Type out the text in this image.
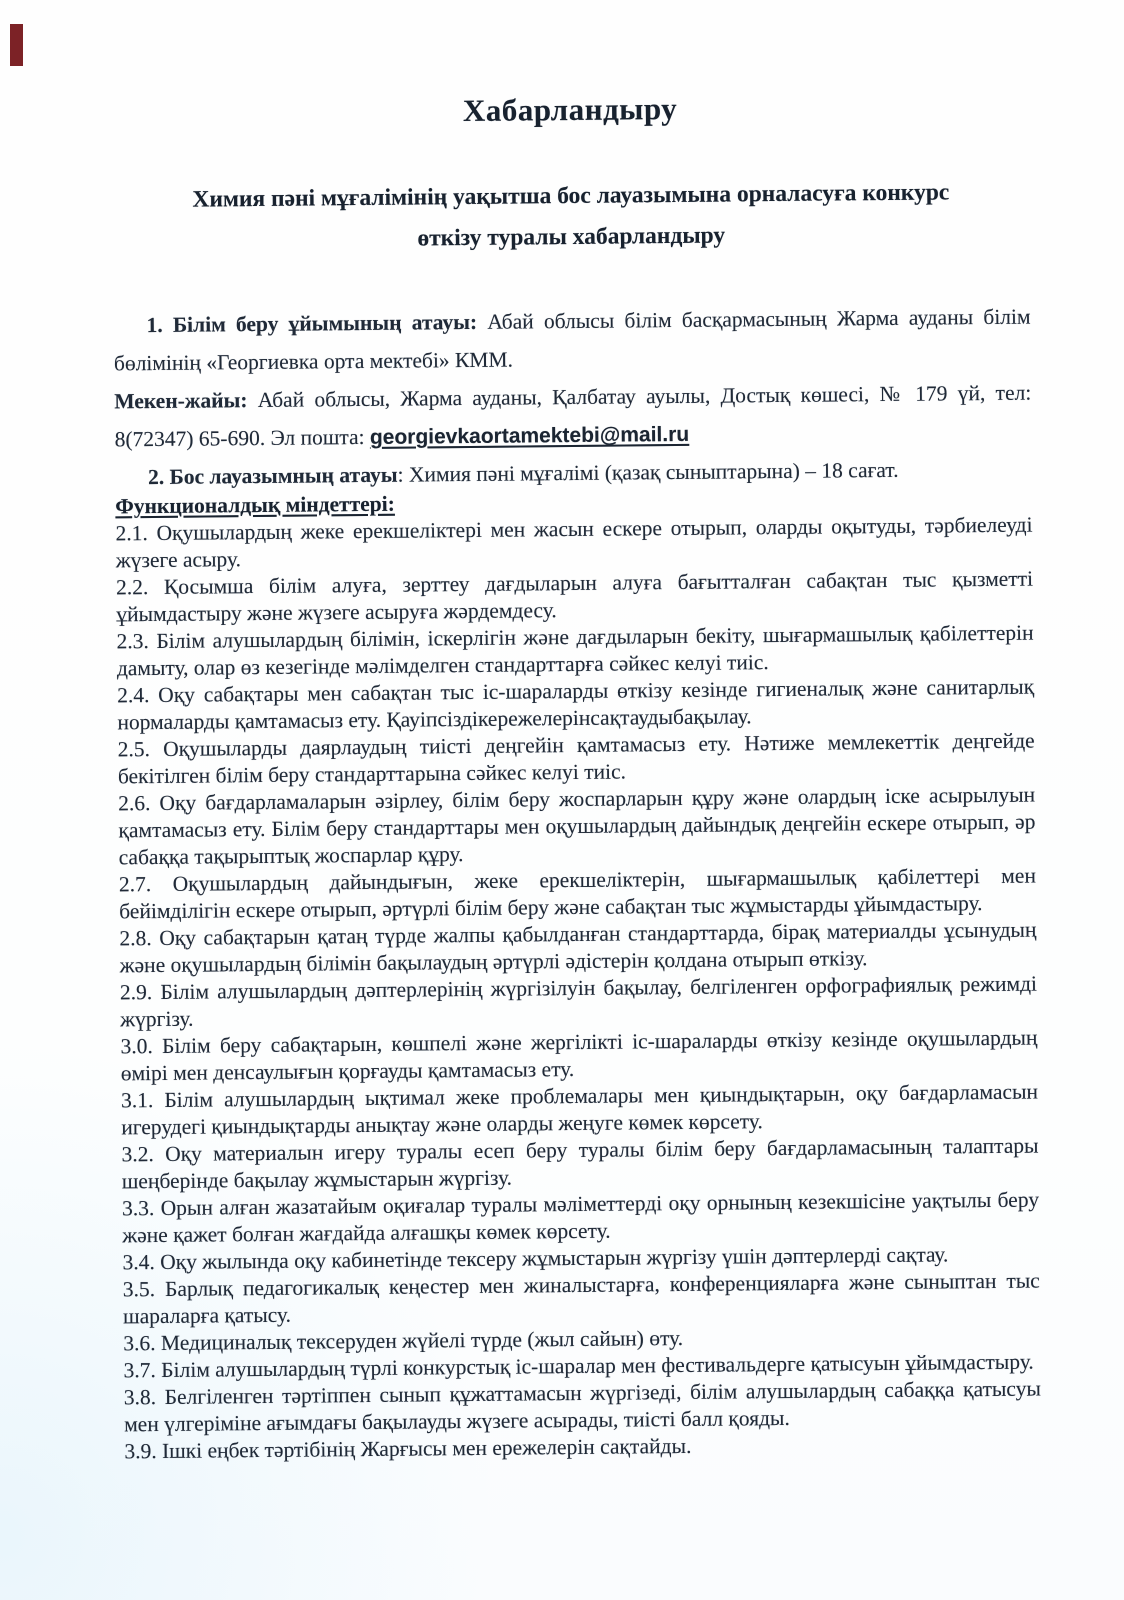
Хабарландыру
Химия пәні мұғалімінің уақытша бос лауазымына орналасуға конкурс
өткізу туралы хабарландыру

1. Білім беру ұйымының атауы: Абай облысы білім басқармасының Жарма ауданы білім бөлімінің «Георгиевка орта мектебі» КММ.

Мекен-жайы: Абай облысы, Жарма ауданы, Қалбатау ауылы, Достық көшесі, № 179 үй, тел: 8(72347) 65-690. Эл пошта: georgievkaortamektebi@mail.ru

2. Бос лауазымның атауы: Химия пәні мұғалімі (қазақ сыныптарына) – 18 сағат.

Функционалдық міндеттері:

2.1. Оқушылардың жеке ерекшеліктері мен жасын ескере отырып, оларды оқытуды, тәрбиелеуді жүзеге асыру.

2.2. Қосымша білім алуға, зерттеу дағдыларын алуға бағытталған сабақтан тыс қызметті ұйымдастыру және жүзеге асыруға жәрдемдесу.

2.3. Білім алушылардың білімін, іскерлігін және дағдыларын бекіту, шығармашылық қабілеттерін дамыту, олар өз кезегінде мәлімделген стандарттарға сәйкес келуі тиіс.

2.4. Оқу сабақтары мен сабақтан тыс іс-шараларды өткізу кезінде гигиеналық және санитарлық нормаларды қамтамасыз ету. Қауіпсіздікережелерінсақтаудыбақылау.

2.5. Оқушыларды даярлаудың тиісті деңгейін қамтамасыз ету. Нәтиже мемлекеттік деңгейде бекітілген білім беру стандарттарына сәйкес келуі тиіс.

2.6. Оқу бағдарламаларын әзірлеу, білім беру жоспарларын құру және олардың іске асырылуын қамтамасыз ету. Білім беру стандарттары мен оқушылардың дайындық деңгейін ескере отырып, әр сабаққа тақырыптық жоспарлар құру.

2.7. Оқушылардың дайындығын, жеке ерекшеліктерін, шығармашылық қабілеттері мен бейімділігін ескере отырып, әртүрлі білім беру және сабақтан тыс жұмыстарды ұйымдастыру.

2.8. Оқу сабақтарын қатаң түрде жалпы қабылданған стандарттарда, бірақ материалды ұсынудың және оқушылардың білімін бақылаудың әртүрлі әдістерін қолдана отырып өткізу.

2.9. Білім алушылардың дәптерлерінің жүргізілуін бақылау, белгіленген орфографиялық режимді жүргізу.

3.0. Білім беру сабақтарын, көшпелі және жергілікті іс-шараларды өткізу кезінде оқушылардың өмірі мен денсаулығын қорғауды қамтамасыз ету.

3.1. Білім алушылардың ықтимал жеке проблемалары мен қиындықтарын, оқу бағдарламасын игерудегі қиындықтарды анықтау және оларды жеңуге көмек көрсету.

3.2. Оқу материалын игеру туралы есеп беру туралы білім беру бағдарламасының талаптары шеңберінде бақылау жұмыстарын жүргізу.

3.3. Орын алған жазатайым оқиғалар туралы мәліметтерді оқу орнының кезекшісіне уақтылы беру және қажет болған жағдайда алғашқы көмек көрсету.

3.4. Оқу жылында оқу кабинетінде тексеру жұмыстарын жүргізу үшін дәптерлерді сақтау.

3.5. Барлық педагогикалық кеңестер мен жиналыстарға, конференцияларға және сыныптан тыс шараларға қатысу.

3.6. Медициналық тексеруден жүйелі түрде (жыл сайын) өту.

3.7. Білім алушылардың түрлі конкурстық іс-шаралар мен фестивальдерге қатысуын ұйымдастыру.

3.8. Белгіленген тәртіппен сынып құжаттамасын жүргізеді, білім алушылардың сабаққа қатысуы мен үлгеріміне ағымдағы бақылауды жүзеге асырады, тиісті балл қояды.

3.9. Ішкі еңбек тәртібінің Жарғысы мен ережелерін сақтайды.
